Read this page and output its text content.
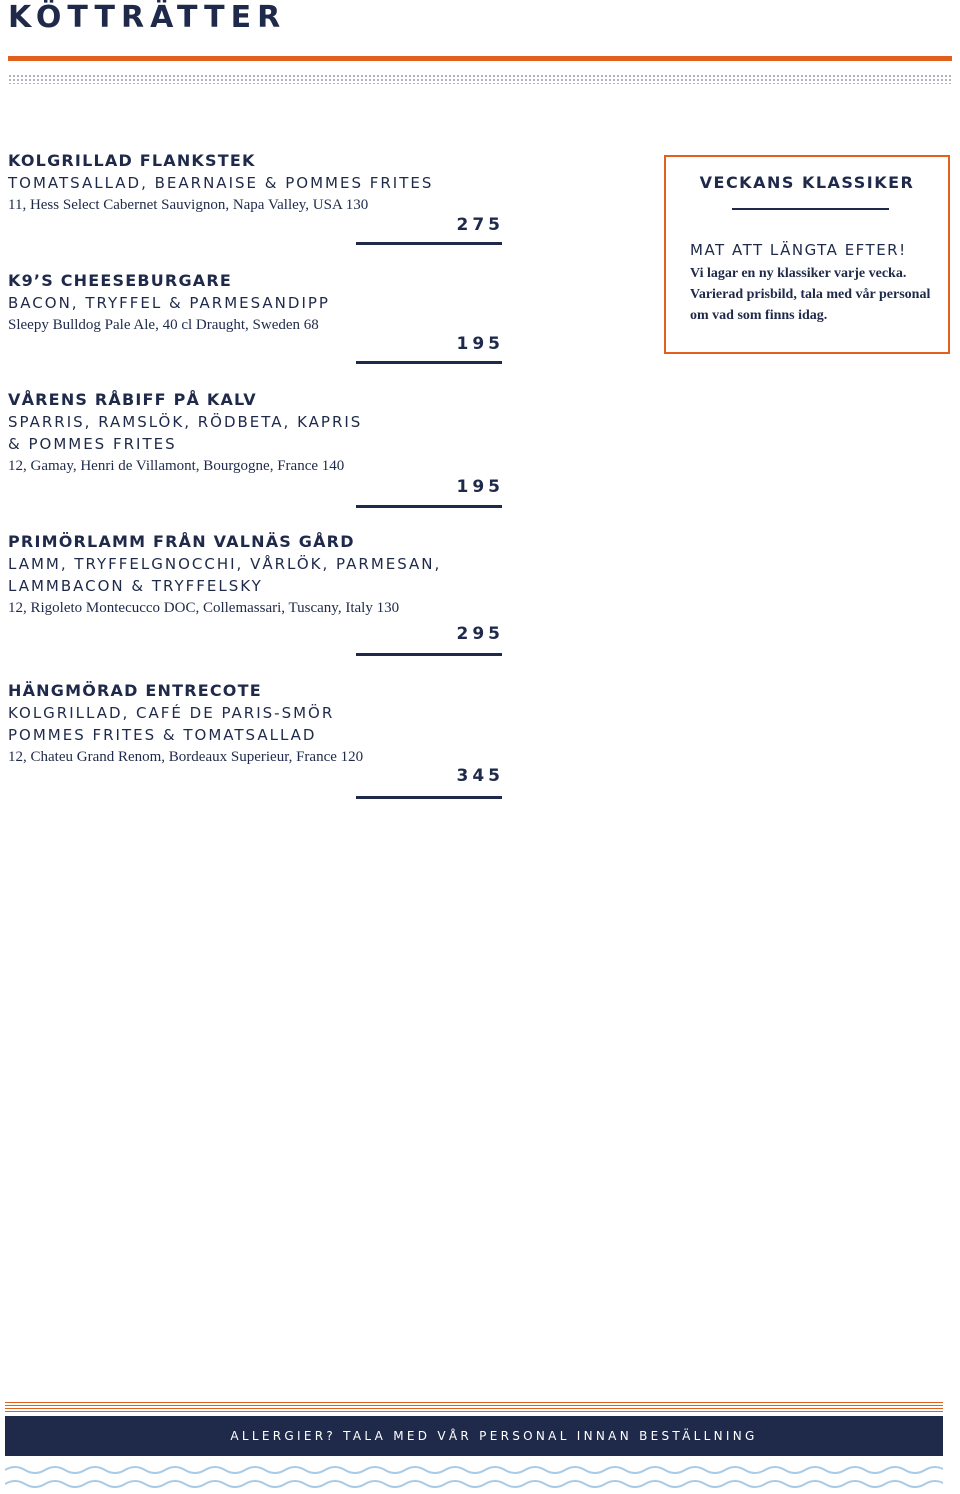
KÖTTRÄTTER
KOLGRILLAD FLANKSTEK
TOMATSALLAD, BEARNAISE & POMMES FRITES
11, Hess Select Cabernet Sauvignon, Napa Valley, USA 130
275
K9’S CHEESEBURGARE
BACON, TRYFFEL & PARMESANDIPP
Sleepy Bulldog Pale Ale, 40 cl Draught, Sweden 68
195
VÅRENS RÅBIFF PÅ KALV
SPARRIS, RAMSLÖK, RÖDBETA, KAPRIS
& POMMES FRITES
12, Gamay, Henri de Villamont, Bourgogne, France 140
195
PRIMÖRLAMM FRÅN VALNÄS GÅRD
LAMM, TRYFFELGNOCCHI, VÅRLÖK, PARMESAN,
LAMMBACON & TRYFFELSKY
12, Rigoleto Montecucco DOC, Collemassari, Tuscany, Italy 130
295
HÄNGMÖRAD ENTRECOTE
KOLGRILLAD, CAFÉ DE PARIS-SMÖR
POMMES FRITES & TOMATSALLAD
12, Chateu Grand Renom, Bordeaux Superieur, France 120
345
VECKANS KLASSIKER
MAT ATT LÄNGTA EFTER!
Vi lagar en ny klassiker varje vecka. Varierad prisbild, tala med vår personal om vad som finns idag.
ALLERGIER? TALA MED VÅR PERSONAL INNAN BESTÄLLNING
